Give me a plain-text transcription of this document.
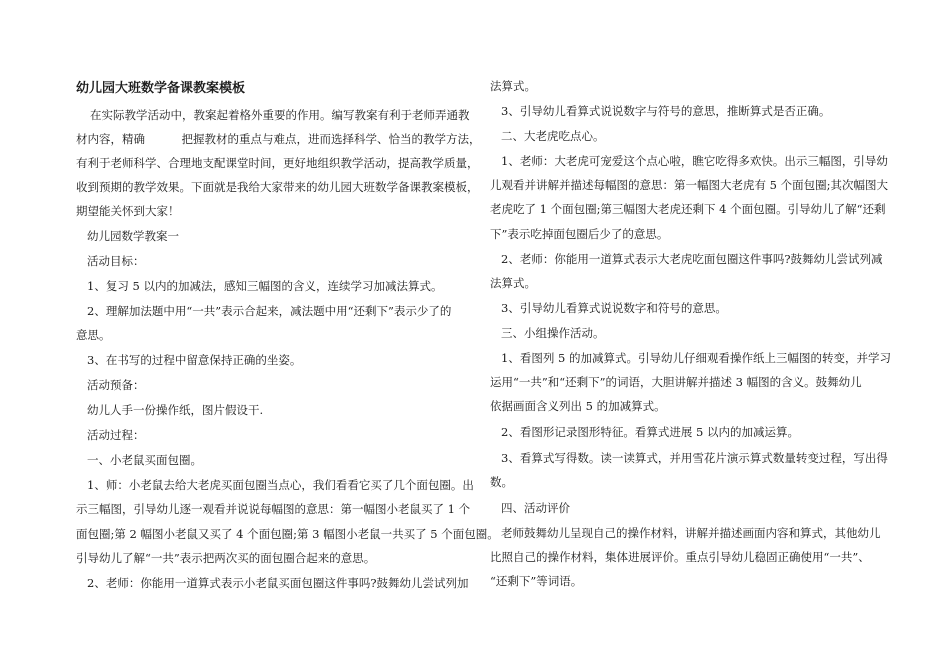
幼儿园大班数学备课教案模板
在实际教学活动中，教案起着格外重要的作用。编写教案有利于老师弄通教
材内容，精确          把握教材的重点与难点，进而选择科学、恰当的教学方法，
有利于老师科学、合理地支配课堂时间，更好地组织教学活动，提高教学质量，
收到预期的教学效果。下面就是我给大家带来的幼儿园大班数学备课教案模板，
期望能关怀到大家！
幼儿园数学教案一
活动目标：
1、复习 5 以内的加减法，感知三幅图的含义，连续学习加减法算式。
2、理解加法题中用“一共”表示合起来，减法题中用“还剩下”表示少了的
意思。
3、在书写的过程中留意保持正确的坐姿。
活动预备：
幼儿人手一份操作纸，图片假设干.
活动过程：
一、小老鼠买面包圈。
1、师：小老鼠去给大老虎买面包圈当点心，我们看看它买了几个面包圈。出
示三幅图，引导幼儿逐一观看并说说每幅图的意思：第一幅图小老鼠买了 1 个
面包圈;第 2 幅图小老鼠又买了 4 个面包圈;第 3 幅图小老鼠一共买了 5 个面包圈。
引导幼儿了解“一共”表示把两次买的面包圈合起来的意思。
2、老师：你能用一道算式表示小老鼠买面包圈这件事吗?鼓舞幼儿尝试列加
法算式。
3、引导幼儿看算式说说数字与符号的意思，推断算式是否正确。
二、大老虎吃点心。
1、老师：大老虎可宠爱这个点心啦，瞧它吃得多欢快。出示三幅图，引导幼
儿观看并讲解并描述每幅图的意思：第一幅图大老虎有 5 个面包圈;其次幅图大
老虎吃了 1 个面包圈;第三幅图大老虎还剩下 4 个面包圈。引导幼儿了解“还剩
下”表示吃掉面包圈后少了的意思。
2、老师：你能用一道算式表示大老虎吃面包圈这件事吗?鼓舞幼儿尝试列减
法算式。
3、引导幼儿看算式说说数字和符号的意思。
三、小组操作活动。
1、看图列 5 的加减算式。引导幼儿仔细观看操作纸上三幅图的转变，并学习
运用“一共”和“还剩下”的词语，大胆讲解并描述 3 幅图的含义。鼓舞幼儿
依据画面含义列出 5 的加减算式。
2、看图形记录图形特征。看算式进展 5 以内的加减运算。
3、看算式写得数。读一读算式，并用雪花片演示算式数量转变过程，写出得
数。
四、活动评价
老师鼓舞幼儿呈现自己的操作材料，讲解并描述画面内容和算式，其他幼儿
比照自己的操作材料，集体进展评价。重点引导幼儿稳固正确使用“一共”、
“还剩下”等词语。
